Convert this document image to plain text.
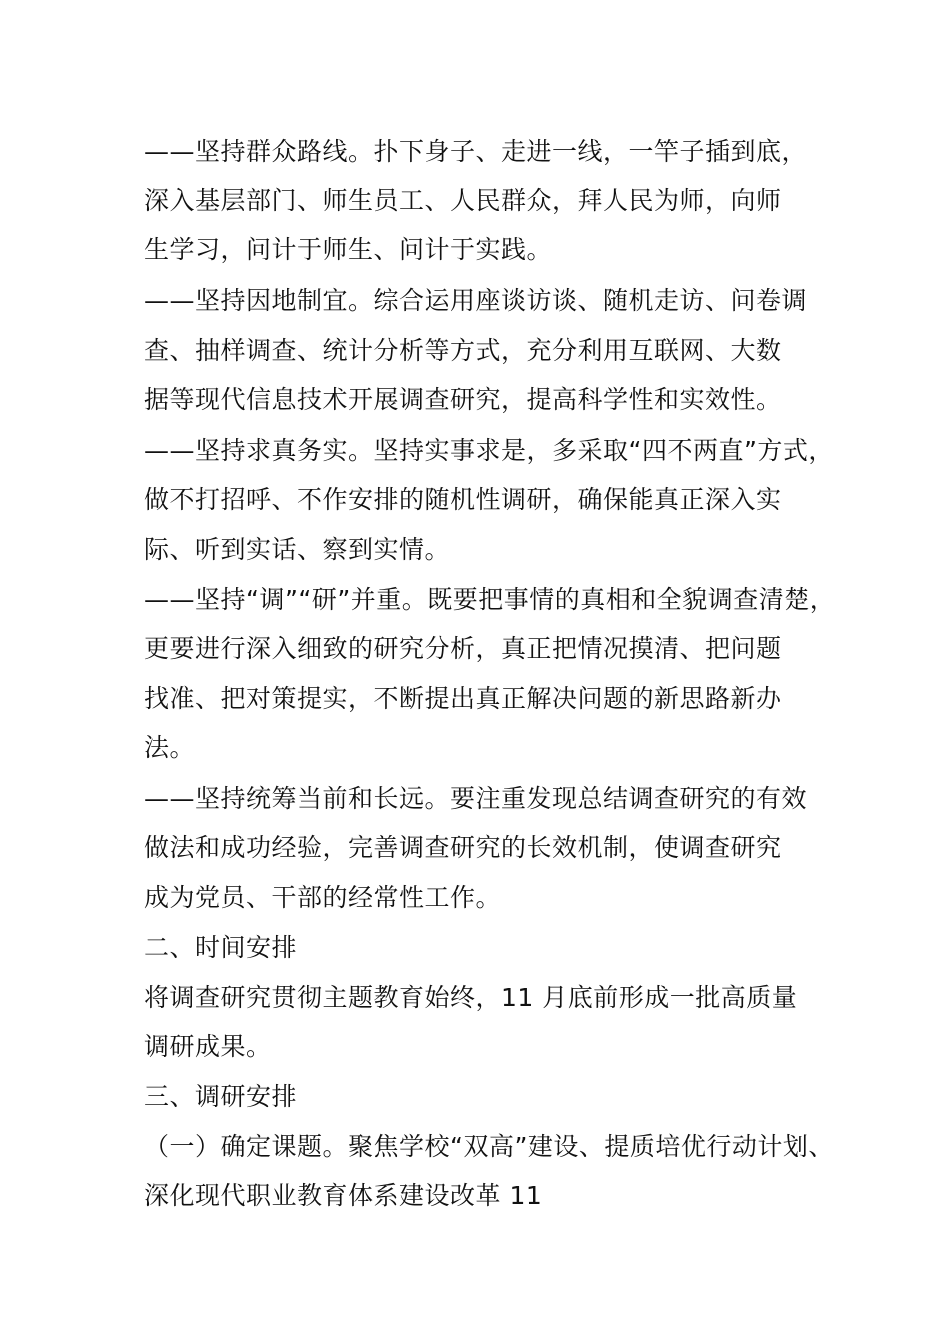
——坚持群众路线。扑下身子、走进一线，一竿子插到底，
深入基层部门、师生员工、人民群众，拜人民为师，向师
生学习，问计于师生、问计于实践。
——坚持因地制宜。综合运用座谈访谈、随机走访、问卷调
查、抽样调查、统计分析等方式，充分利用互联网、大数
据等现代信息技术开展调查研究，提高科学性和实效性。
——坚持求真务实。坚持实事求是，多采取“四不两直”方式，
做不打招呼、不作安排的随机性调研，确保能真正深入实
际、听到实话、察到实情。
——坚持“调”“研”并重。既要把事情的真相和全貌调查清楚，
更要进行深入细致的研究分析，真正把情况摸清、把问题
找准、把对策提实，不断提出真正解决问题的新思路新办
法。
——坚持统筹当前和长远。要注重发现总结调查研究的有效
做法和成功经验，完善调查研究的长效机制，使调查研究
成为党员、干部的经常性工作。
二、时间安排
将调查研究贯彻主题教育始终，11 月底前形成一批高质量
调研成果。
三、调研安排
（一）确定课题。聚焦学校“双高”建设、提质培优行动计划、
深化现代职业教育体系建设改革 11
